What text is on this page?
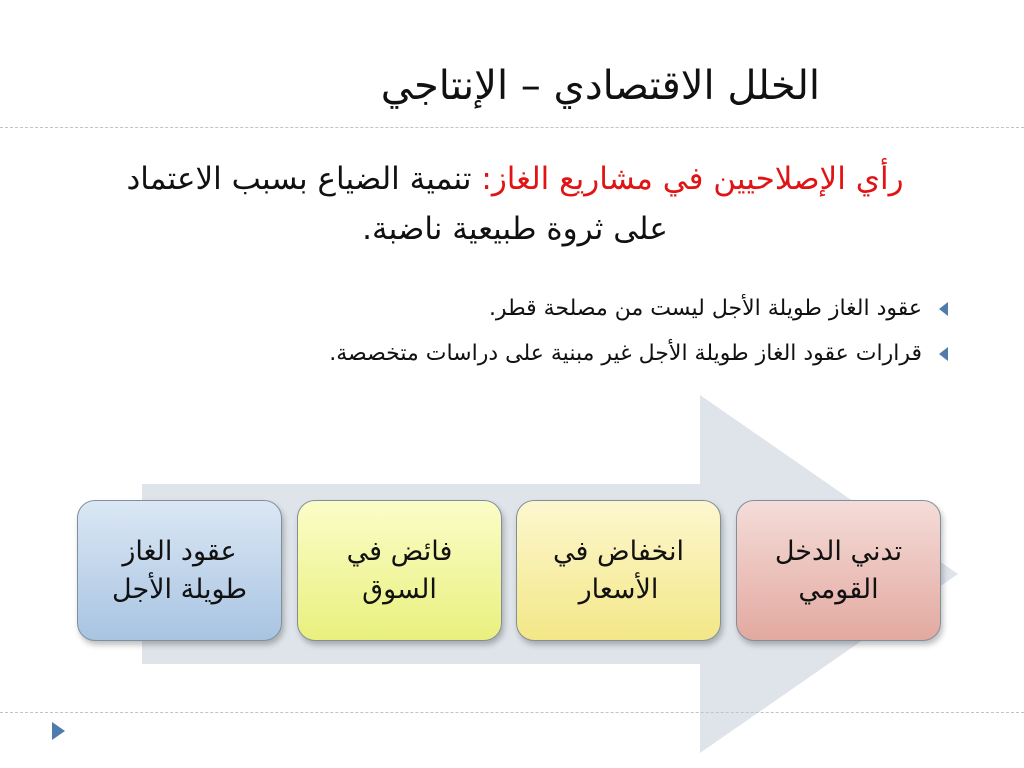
الخلل الاقتصادي – الإنتاجي
رأي الإصلاحيين في مشاريع الغاز: تنمية الضياع بسبب الاعتماد على ثروة طبيعية ناضبة.
عقود الغاز طويلة الأجل ليست من مصلحة قطر.
قرارات عقود الغاز طويلة الأجل غير مبنية على دراسات متخصصة.
عقود الغاز طويلة الأجل
فائض في السوق
انخفاض في الأسعار
تدني الدخل القومي
